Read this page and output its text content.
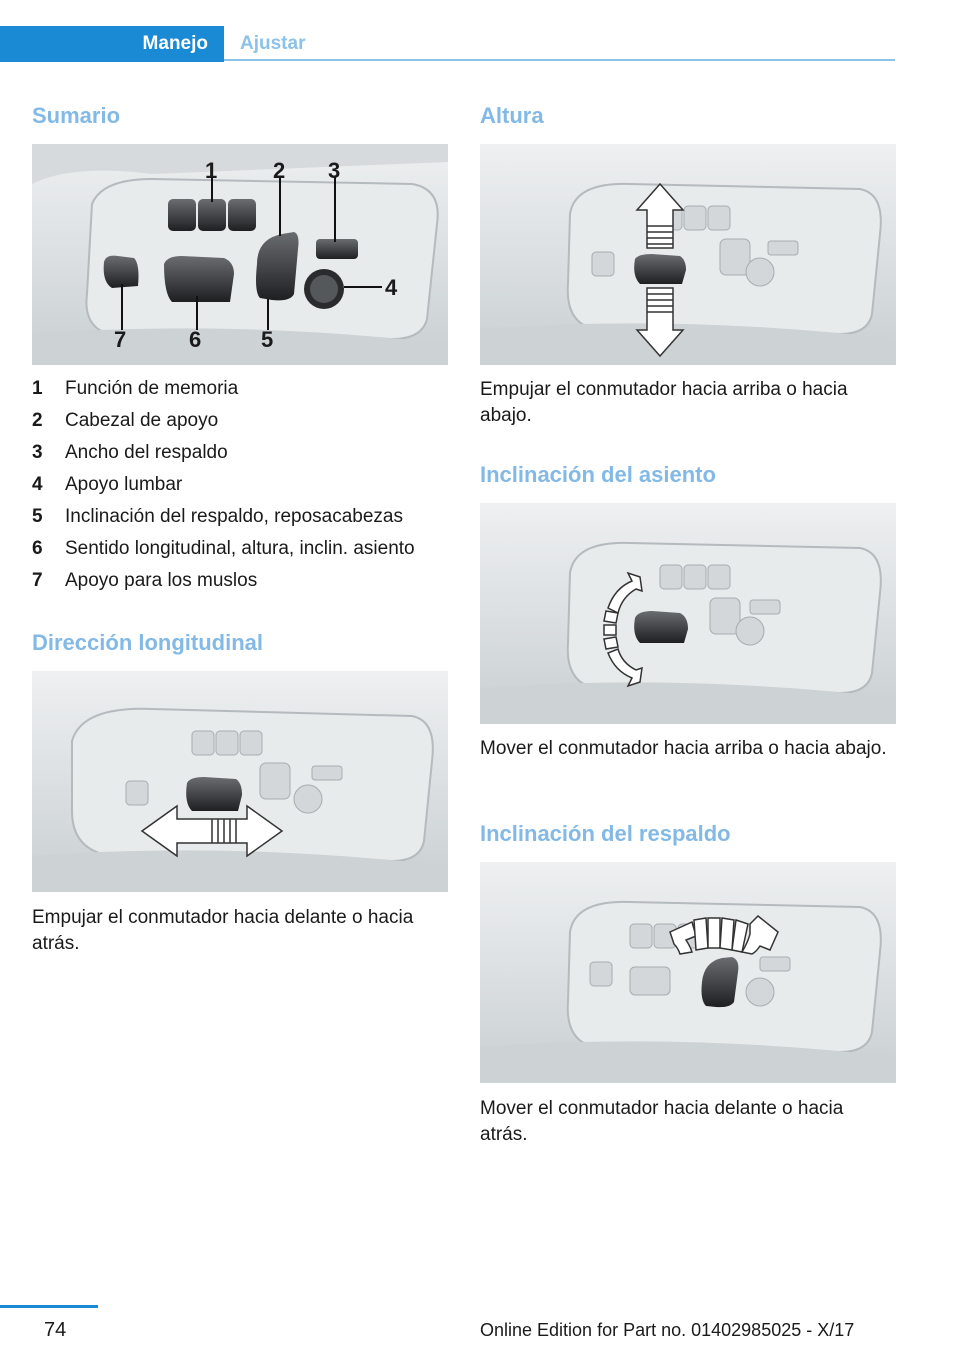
Manejo	Ajustar
Sumario
1	2 3
4
5
6
7
1 Función de memoria
2 Cabezal de apoyo
3 Ancho del respaldo
4 Apoyo lumbar
5 Inclinación del respaldo, reposacabezas
6 Sentido longitudinal, altura, inclin. asiento
7 Apoyo para los muslos
Dirección longitudinal

Empujar el conmutador hacia delante o hacia atrás.

Altura

Empujar el conmutador hacia arriba o hacia abajo.

Inclinación del asiento

Mover el conmutador hacia arriba o hacia abajo.

Inclinación del respaldo

Mover el conmutador hacia delante o hacia atrás.

74	Online Edition for Part no. 01402985025 - X/17
